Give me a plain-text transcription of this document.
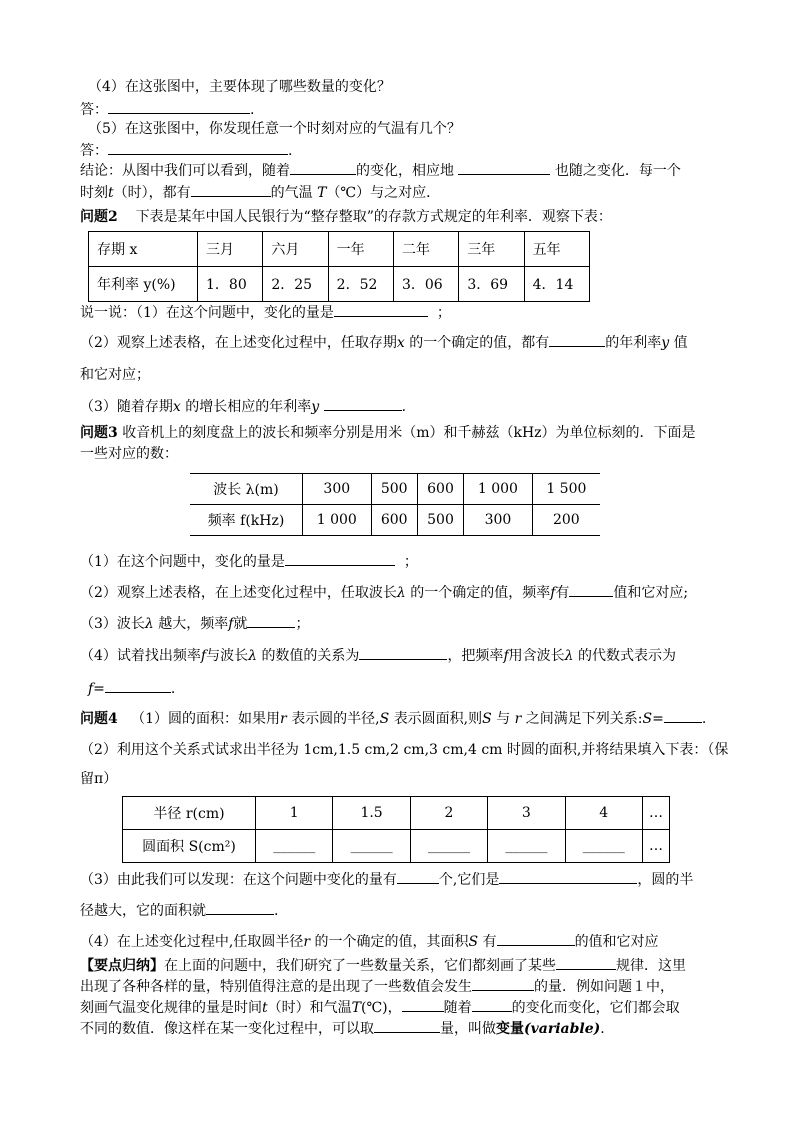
（4）在这张图中，主要体现了哪些数量的变化？
答：	.
（5）在这张图中，你发现任意一个时刻对应的气温有几个？
答：	.
结论：从图中我们可以看到，随着	的变化，相应地	也随之变化．每一个
时刻t（时），都有	的气温 T（℃）与之对应．
问题2 下表是某年中国人民银行为“整存整取”的存款方式规定的年利率．观察下表：
存期 x	三月	六月	一年	二年	三年	五年
年利率 y(%)	1．80	2．25	2．52	3．06	3．69	4．14
说一说：（1）在这个问题中，变化的量是	；
（2）观察上述表格，在上述变化过程中，任取存期x 的一个确定的值，都有	的年利率y 值
和它对应；
（3）随着存期x 的增长相应的年利率y	.
问题3 收音机上的刻度盘上的波长和频率分别是用米（m）和千赫兹（kHz）为单位标刻的．下面是
一些对应的数：
波长 λ(m)	300	500	600	1 000	1 500
频率 f(kHz)	1 000	600	500	300	200
（1）在这个问题中，变化的量是	；
（2）观察上述表格，在上述变化过程中，任取波长λ 的一个确定的值，频率f有	值和它对应;
（3）波长λ 越大，频率f就	；
（4）试着找出频率f与波长λ 的数值的关系为	，把频率f用含波长λ 的代数式表示为
f=	.
问题4 （1）圆的面积：如果用r 表示圆的半径,S 表示圆面积,则S 与 r 之间满足下列关系:S=	.
（2）利用这个关系式试求出半径为 1cm,1.5 cm,2 cm,3 cm,4 cm 时圆的面积,并将结果填入下表：（保
留π）
半径 r(cm)	1	1.5	2	3	4	…
圆面积 S(cm²)	______	______	______	______	______	…
（3）由此我们可以发现：在这个问题中变化的量有	个,它们是	，圆的半
径越大，它的面积就	.
（4）在上述变化过程中,任取圆半径r 的一个确定的值，其面积S 有	的值和它对应
【要点归纳】在上面的问题中，我们研究了一些数量关系，它们都刻画了某些	规律．这里
出现了各种各样的量，特别值得注意的是出现了一些数值会发生	的量．例如问题１中，
刻画气温变化规律的量是时间t（时）和气温T(℃)，	随着	的变化而变化，它们都会取
不同的数值．像这样在某一变化过程中，可以取	量，叫做变量(variable).
